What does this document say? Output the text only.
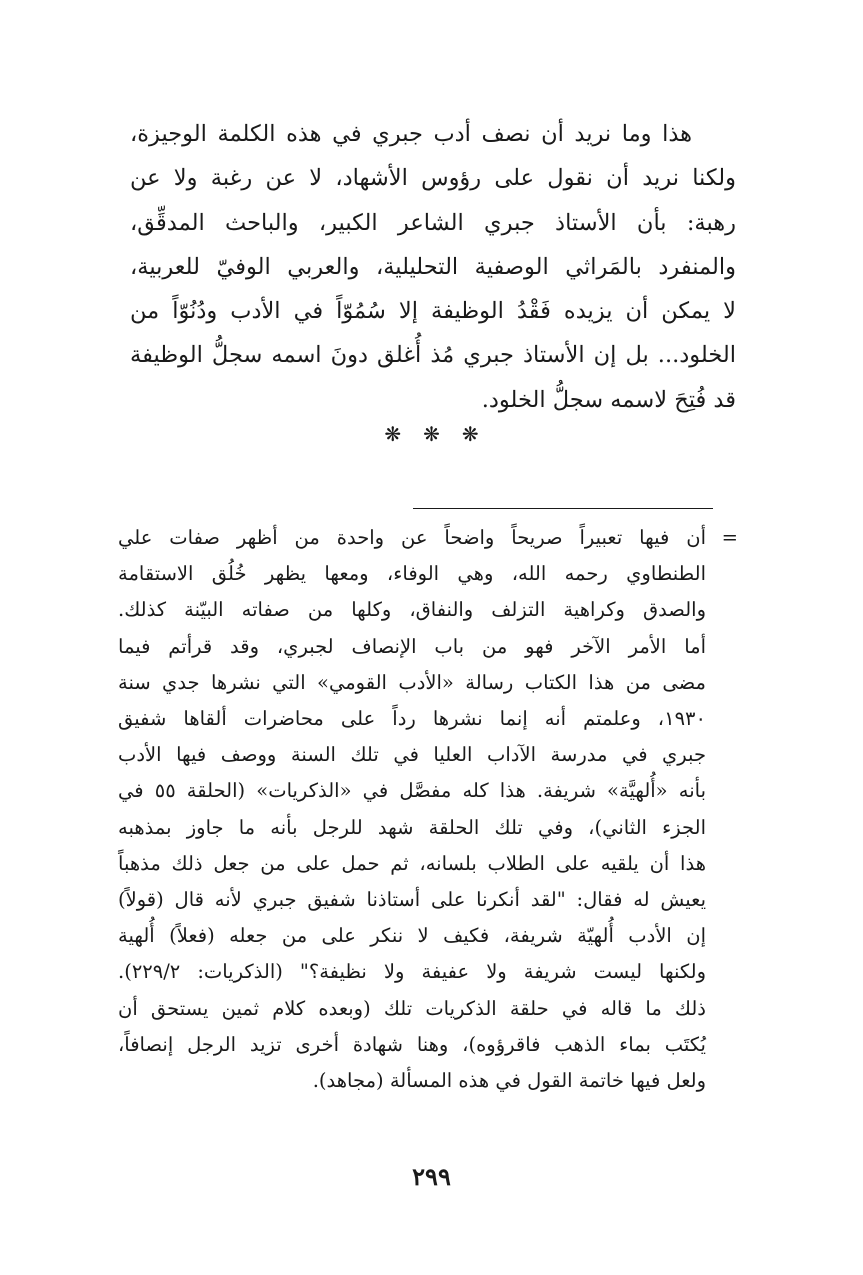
هذا وما نريد أن نصف أدب جبري في هذه الكلمة الوجيزة،
ولكنا نريد أن نقول على رؤوس الأشهاد، لا عن رغبة ولا عن
رهبة: بأن الأستاذ جبري الشاعر الكبير، والباحث المدقِّق،
والمنفرد بالمَراثي الوصفية التحليلية، والعربي الوفيّ للعربية،
لا يمكن أن يزيده فَقْدُ الوظيفة إلا سُمُوّاً في الأدب ودُنُوّاً من
الخلود... بل إن الأستاذ جبري مُذ أُغلق دونَ اسمه سجلُّ الوظيفة
قد فُتِحَ لاسمه سجلُّ الخلود.
❋ ❋ ❋
=
أن فيها تعبيراً صريحاً واضحاً عن واحدة من أظهر صفات علي
الطنطاوي رحمه الله، وهي الوفاء، ومعها يظهر خُلُق الاستقامة
والصدق وكراهية التزلف والنفاق، وكلها من صفاته البيّنة كذلك.
أما الأمر الآخر فهو من باب الإنصاف لجبري، وقد قرأتم فيما
مضى من هذا الكتاب رسالة «الأدب القومي» التي نشرها جدي سنة
١٩٣٠، وعلمتم أنه إنما نشرها رداً على محاضرات ألقاها شفيق
جبري في مدرسة الآداب العليا في تلك السنة ووصف فيها الأدب
بأنه «أُلهيَّة» شريفة. هذا كله مفصَّل في «الذكريات» (الحلقة ٥٥ في
الجزء الثاني)، وفي تلك الحلقة شهد للرجل بأنه ما جاوز بمذهبه
هذا أن يلقيه على الطلاب بلسانه، ثم حمل على من جعل ذلك مذهباً
يعيش له فقال: "لقد أنكرنا على أستاذنا شفيق جبري لأنه قال (قولاً)
إن الأدب أُلهيّة شريفة، فكيف لا ننكر على من جعله (فعلاً) أُلهية
ولكنها ليست شريفة ولا عفيفة ولا نظيفة؟" (الذكريات: ٢٢٩/٢).
ذلك ما قاله في حلقة الذكريات تلك (وبعده كلام ثمين يستحق أن
يُكتَب بماء الذهب فاقرؤوه)، وهنا شهادة أخرى تزيد الرجل إنصافاً،
ولعل فيها خاتمة القول في هذه المسألة (مجاهد).
٢٩٩
